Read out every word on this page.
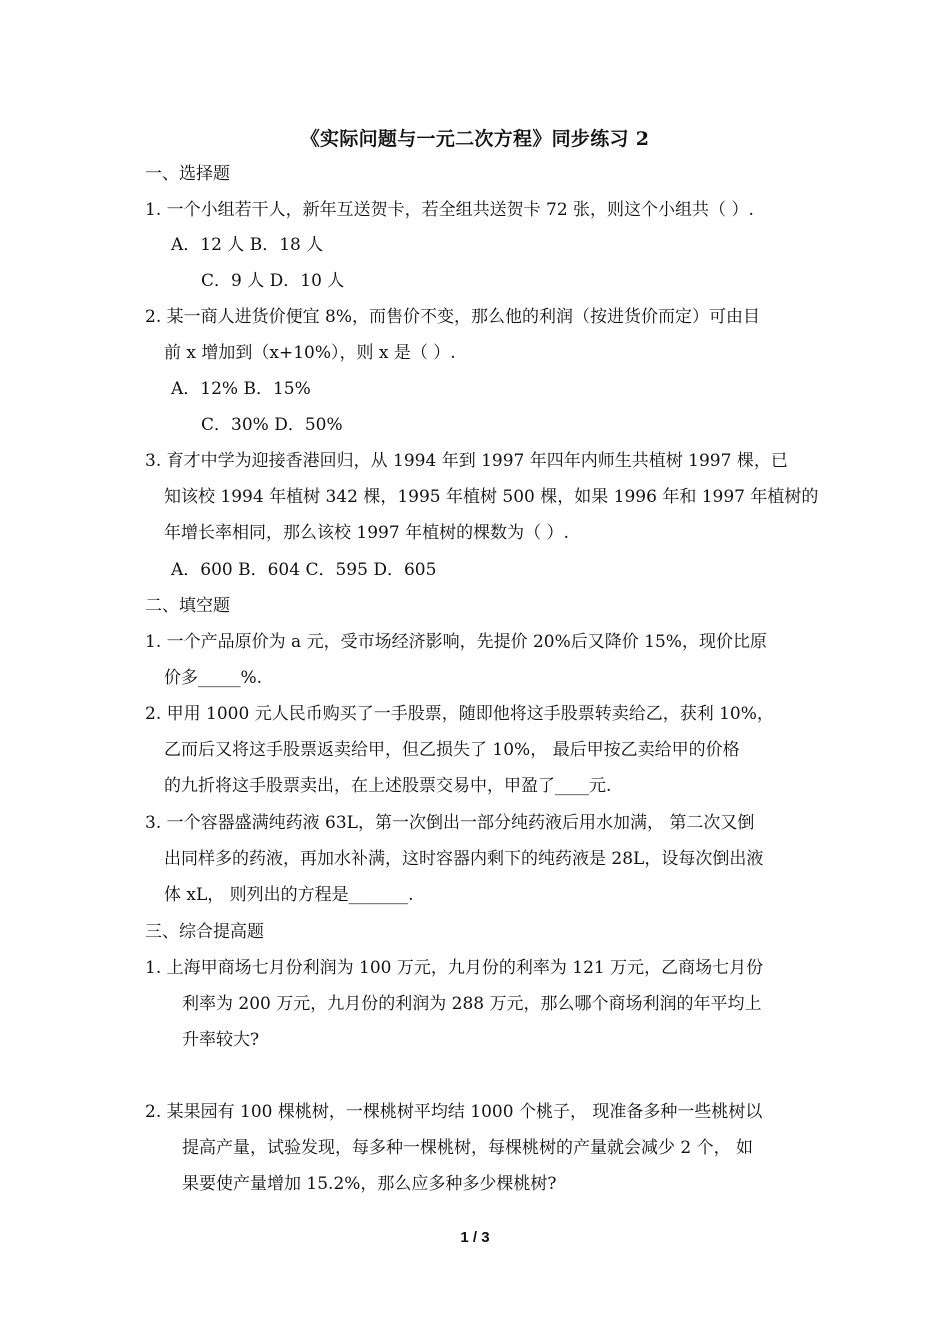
《实际问题与一元二次方程》同步练习 2
一、选择题
1. 一个小组若干人，新年互送贺卡，若全组共送贺卡 72 张，则这个小组共（ ）.
A．12 人 B．18 人
C．9 人 D．10 人
2. 某一商人进货价便宜 8%，而售价不变，那么他的利润（按进货价而定）可由目
前 x 增加到（x+10%），则 x 是（ ）.
A．12% B．15%
C．30% D．50%
3. 育才中学为迎接香港回归，从 1994 年到 1997 年四年内师生共植树 1997 棵，已
知该校 1994 年植树 342 棵，1995 年植树 500 棵，如果 1996 年和 1997 年植树的
年增长率相同，那么该校 1997 年植树的棵数为（ ）.
A．600 B．604 C．595 D．605
二、填空题
1. 一个产品原价为 a 元，受市场经济影响，先提价 20%后又降价 15%，现价比原
价多_____%.
2. 甲用 1000 元人民币购买了一手股票，随即他将这手股票转卖给乙，获利 10%，
乙而后又将这手股票返卖给甲，但乙损失了 10%， 最后甲按乙卖给甲的价格
的九折将这手股票卖出，在上述股票交易中，甲盈了____元.
3. 一个容器盛满纯药液 63L，第一次倒出一部分纯药液后用水加满， 第二次又倒
出同样多的药液，再加水补满，这时容器内剩下的纯药液是 28L，设每次倒出液
体 xL， 则列出的方程是_______.
三、综合提高题
1. 上海甲商场七月份利润为 100 万元，九月份的利率为 121 万元，乙商场七月份
利率为 200 万元，九月份的利润为 288 万元，那么哪个商场利润的年平均上
升率较大?
2. 某果园有 100 棵桃树，一棵桃树平均结 1000 个桃子， 现准备多种一些桃树以
提高产量，试验发现，每多种一棵桃树，每棵桃树的产量就会减少 2 个， 如
果要使产量增加 15.2%，那么应多种多少棵桃树?
1 / 3
